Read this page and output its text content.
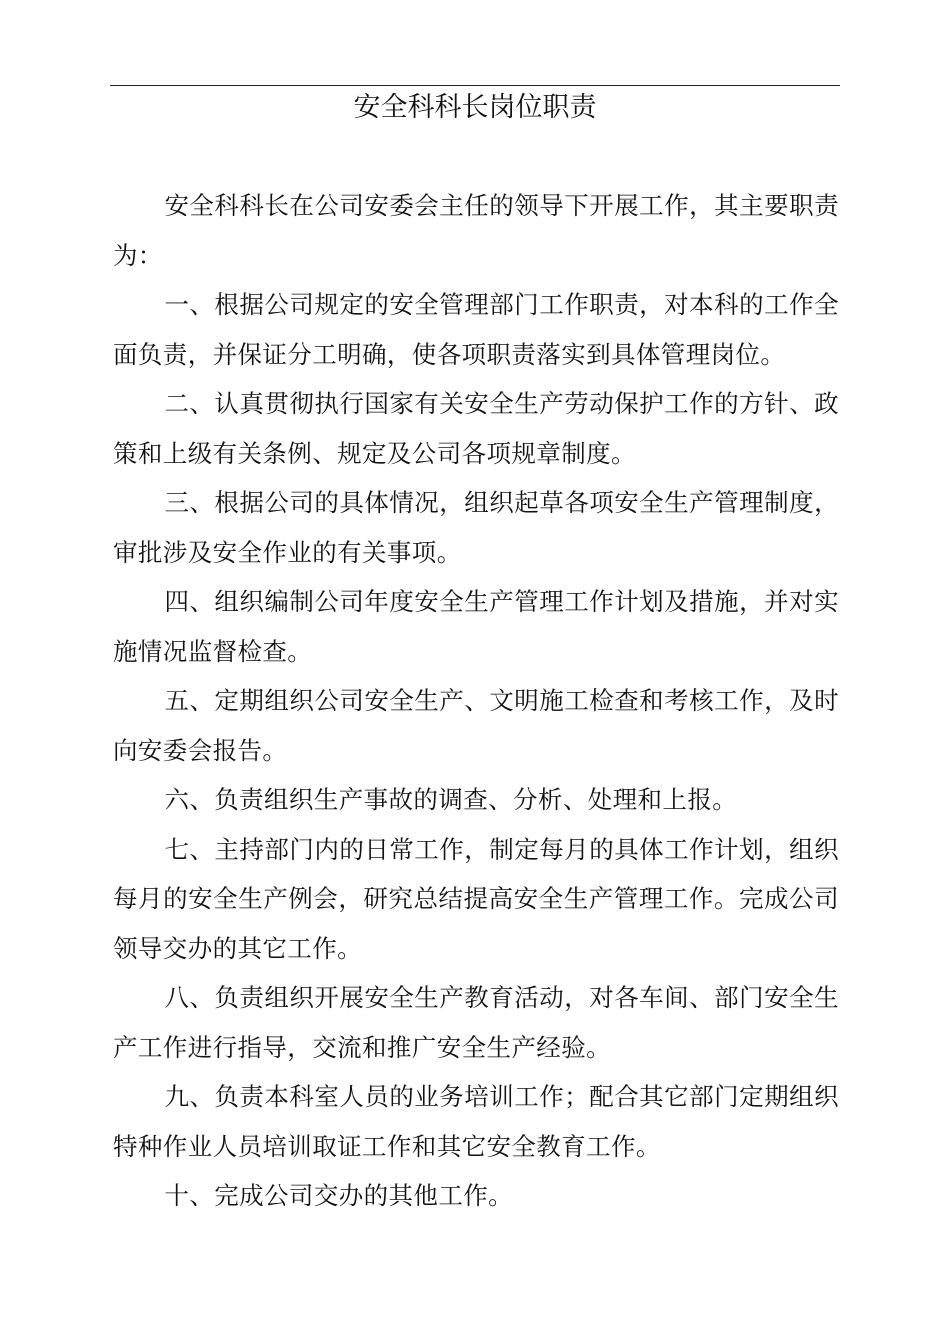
安全科科长岗位职责

安全科科长在公司安委会主任的领导下开展工作，其主要职责为：

一、根据公司规定的安全管理部门工作职责，对本科的工作全面负责，并保证分工明确，使各项职责落实到具体管理岗位。

二、认真贯彻执行国家有关安全生产劳动保护工作的方针、政策和上级有关条例、规定及公司各项规章制度。

三、根据公司的具体情况，组织起草各项安全生产管理制度，审批涉及安全作业的有关事项。

四、组织编制公司年度安全生产管理工作计划及措施，并对实施情况监督检查。

五、定期组织公司安全生产、文明施工检查和考核工作，及时向安委会报告。

六、负责组织生产事故的调查、分析、处理和上报。

七、主持部门内的日常工作，制定每月的具体工作计划，组织每月的安全生产例会，研究总结提高安全生产管理工作。完成公司领导交办的其它工作。

八、负责组织开展安全生产教育活动，对各车间、部门安全生产工作进行指导，交流和推广安全生产经验。

九、负责本科室人员的业务培训工作；配合其它部门定期组织特种作业人员培训取证工作和其它安全教育工作。

十、完成公司交办的其他工作。
